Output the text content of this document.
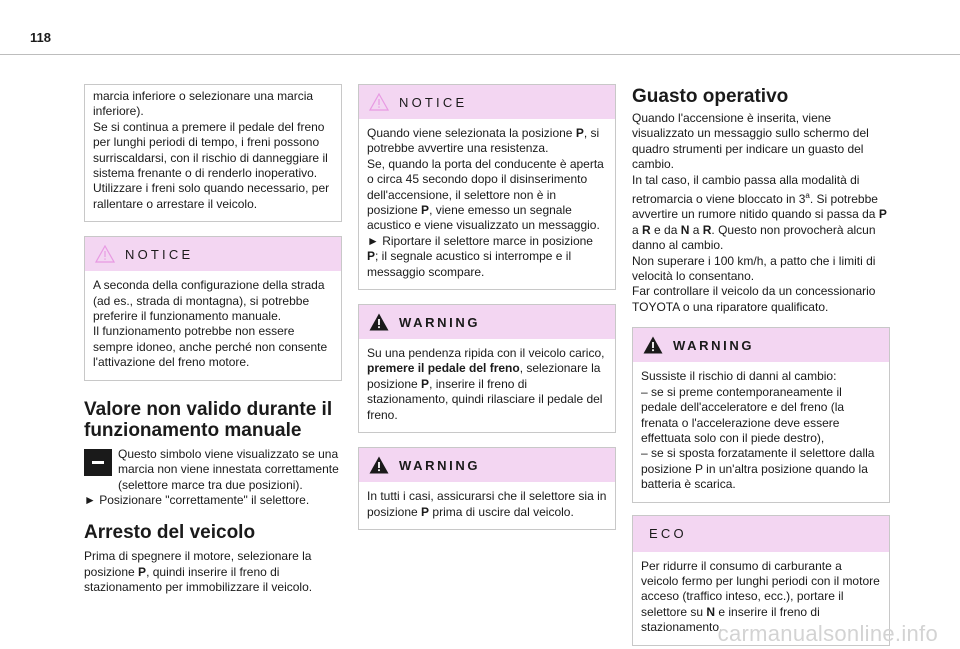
118

marcia inferiore o selezionare una marcia inferiore).

Se si continua a premere il pedale del freno per lunghi periodi di tempo, i freni possono surriscaldarsi, con il rischio di danneggiare il sistema frenante o di renderlo inoperativo.

Utilizzare i freni solo quando necessario, per rallentare o arrestare il veicolo.

NOTICE

A seconda della configurazione della strada (ad es., strada di montagna), si potrebbe preferire il funzionamento manuale.

Il funzionamento potrebbe non essere sempre idoneo, anche perché non consente l'attivazione del freno motore.

Valore non valido durante il funzionamento manuale

Questo simbolo viene visualizzato se una marcia non viene innestata correttamente (selettore marce tra due posizioni).

► Posizionare "correttamente" il selettore.

Arresto del veicolo

Prima di spegnere il motore, selezionare la posizione P, quindi inserire il freno di stazionamento per immobilizzare il veicolo.

NOTICE

Quando viene selezionata la posizione P, si potrebbe avvertire una resistenza.

Se, quando la porta del conducente è aperta o circa 45 secondo dopo il disinserimento dell'accensione, il selettore non è in posizione P, viene emesso un segnale acustico e viene visualizzato un messaggio.

► Riportare il selettore marce in posizione P; il segnale acustico si interrompe e il messaggio scompare.

WARNING

Su una pendenza ripida con il veicolo carico, premere il pedale del freno, selezionare la posizione P, inserire il freno di stazionamento, quindi rilasciare il pedale del freno.

WARNING

In tutti i casi, assicurarsi che il selettore sia in posizione P prima di uscire dal veicolo.

Guasto operativo

Quando l'accensione è inserita, viene visualizzato un messaggio sullo schermo del quadro strumenti per indicare un guasto del cambio.

In tal caso, il cambio passa alla modalità di retromarcia o viene bloccato in 3$^a$. Si potrebbe avvertire un rumore nitido quando si passa da P a R e da N a R. Questo non provocherà alcun danno al cambio.

Non superare i 100 km/h, a patto che i limiti di velocità lo consentano.

Far controllare il veicolo da un concessionario TOYOTA o una riparatore qualificato.

WARNING

Sussiste il rischio di danni al cambio:

– se si preme contemporaneamente il pedale dell'acceleratore e del freno (la frenata o l'accelerazione deve essere effettuata solo con il piede destro),

– se si sposta forzatamente il selettore dalla posizione P in un'altra posizione quando la batteria è scarica.

ECO

Per ridurre il consumo di carburante a veicolo fermo per lunghi periodi con il motore acceso (traffico inteso, ecc.), portare il selettore su N e inserire il freno di stazionamento.

carmanualsonline.info
